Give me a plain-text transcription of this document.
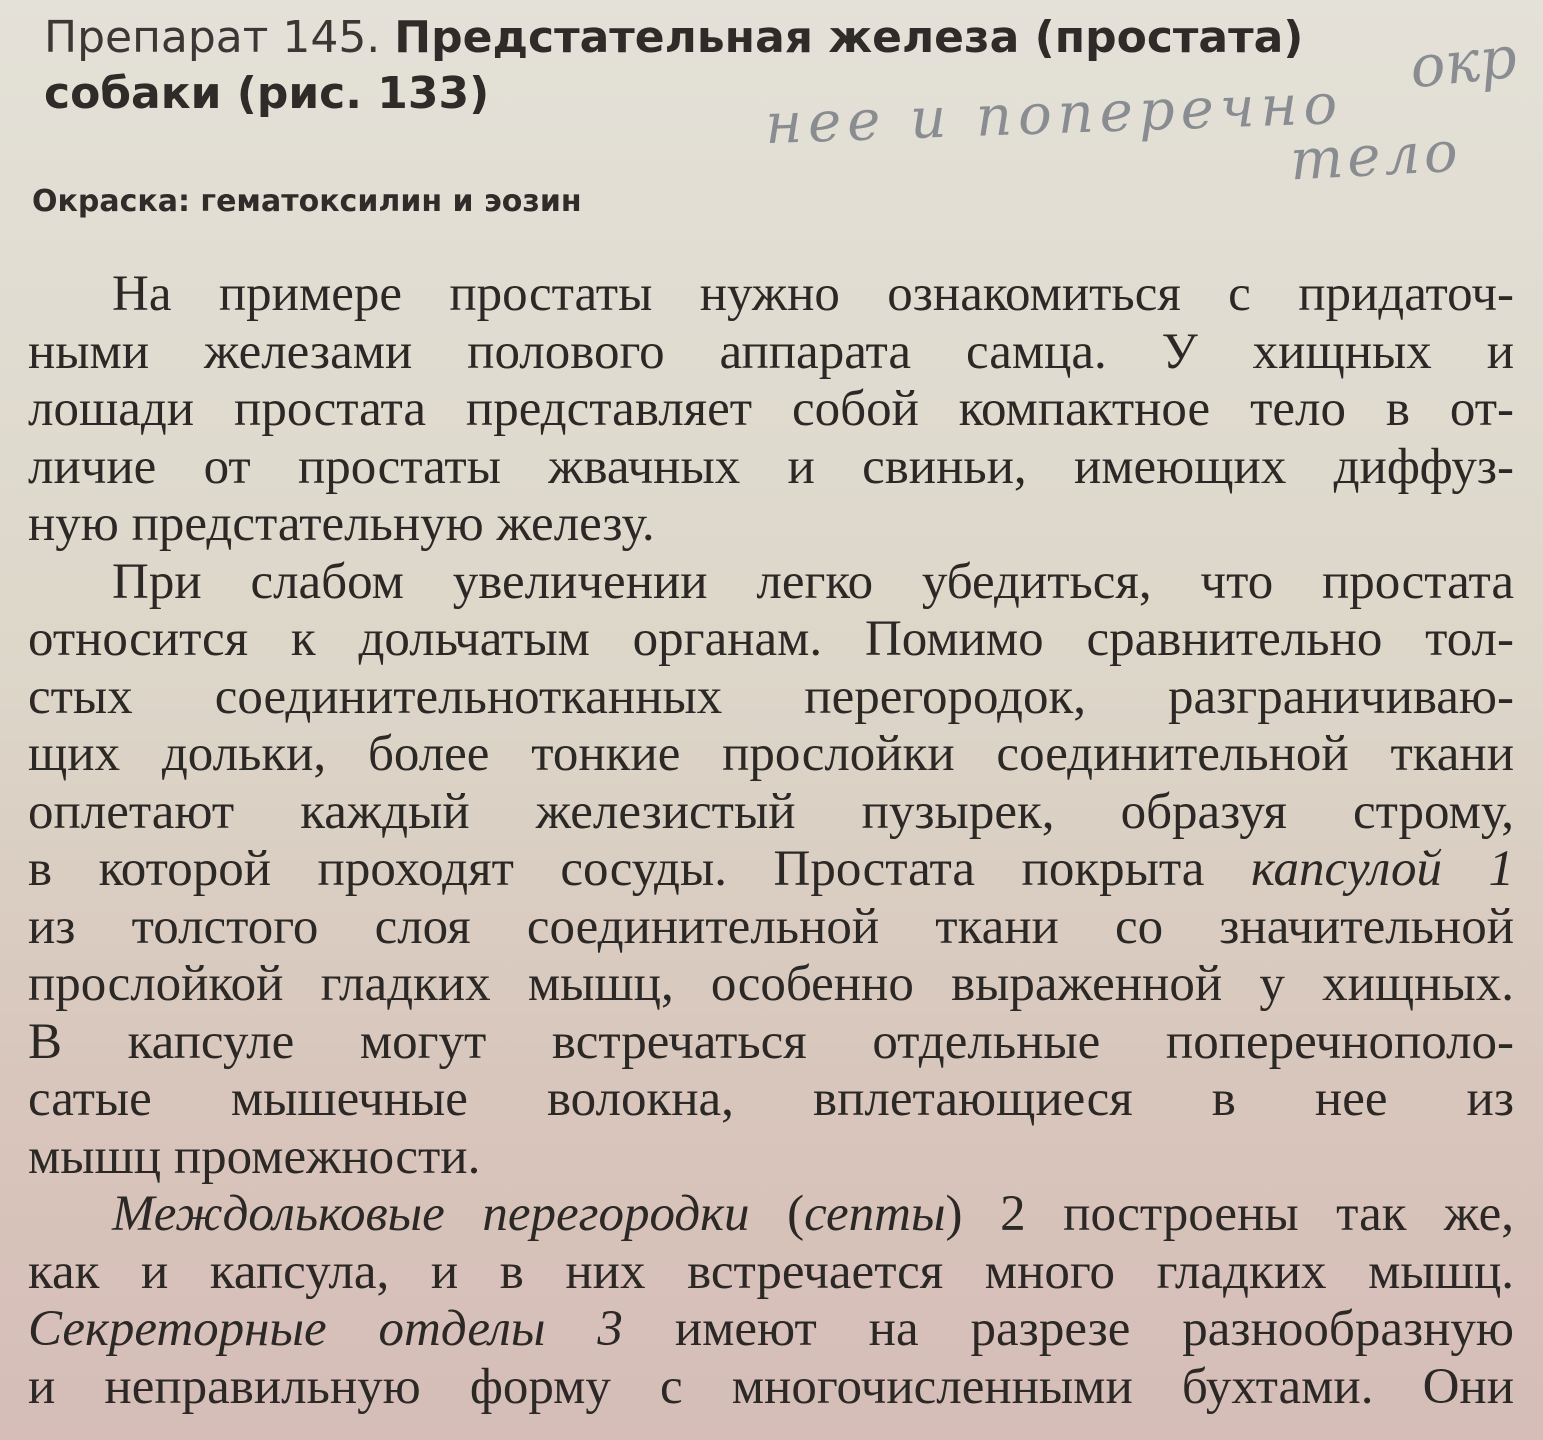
Препарат 145. Предстательная железа (простата)
собаки (рис. 133)	окр
нее и поперечно
тело
Окраска: гематоксилин и эозин
На примере простаты нужно ознакомиться с придаточ-
ными железами полового аппарата самца. У хищных и
лошади простата представляет собой компактное тело в от-
личие от простаты жвачных и свиньи, имеющих диффуз-
ную предстательную железу.
При слабом увеличении легко убедиться, что простата
относится к дольчатым органам. Помимо сравнительно тол-
стых соединительнотканных перегородок, разграничиваю-
щих дольки, более тонкие прослойки соединительной ткани
оплетают каждый железистый пузырек, образуя строму,
в которой проходят сосуды. Простата покрыта капсулой 1
из толстого слоя соединительной ткани со значительной
прослойкой гладких мышц, особенно выраженной у хищных.
В капсуле могут встречаться отдельные поперечнополо-
сатые мышечные волокна, вплетающиеся в нее из
мышц промежности.
Междольковые перегородки (септы) 2 построены так же,
как и капсула, и в них встречается много гладких мышц.
Секреторные отделы 3 имеют на разрезе разнообразную
и неправильную форму с многочисленными бухтами. Они
